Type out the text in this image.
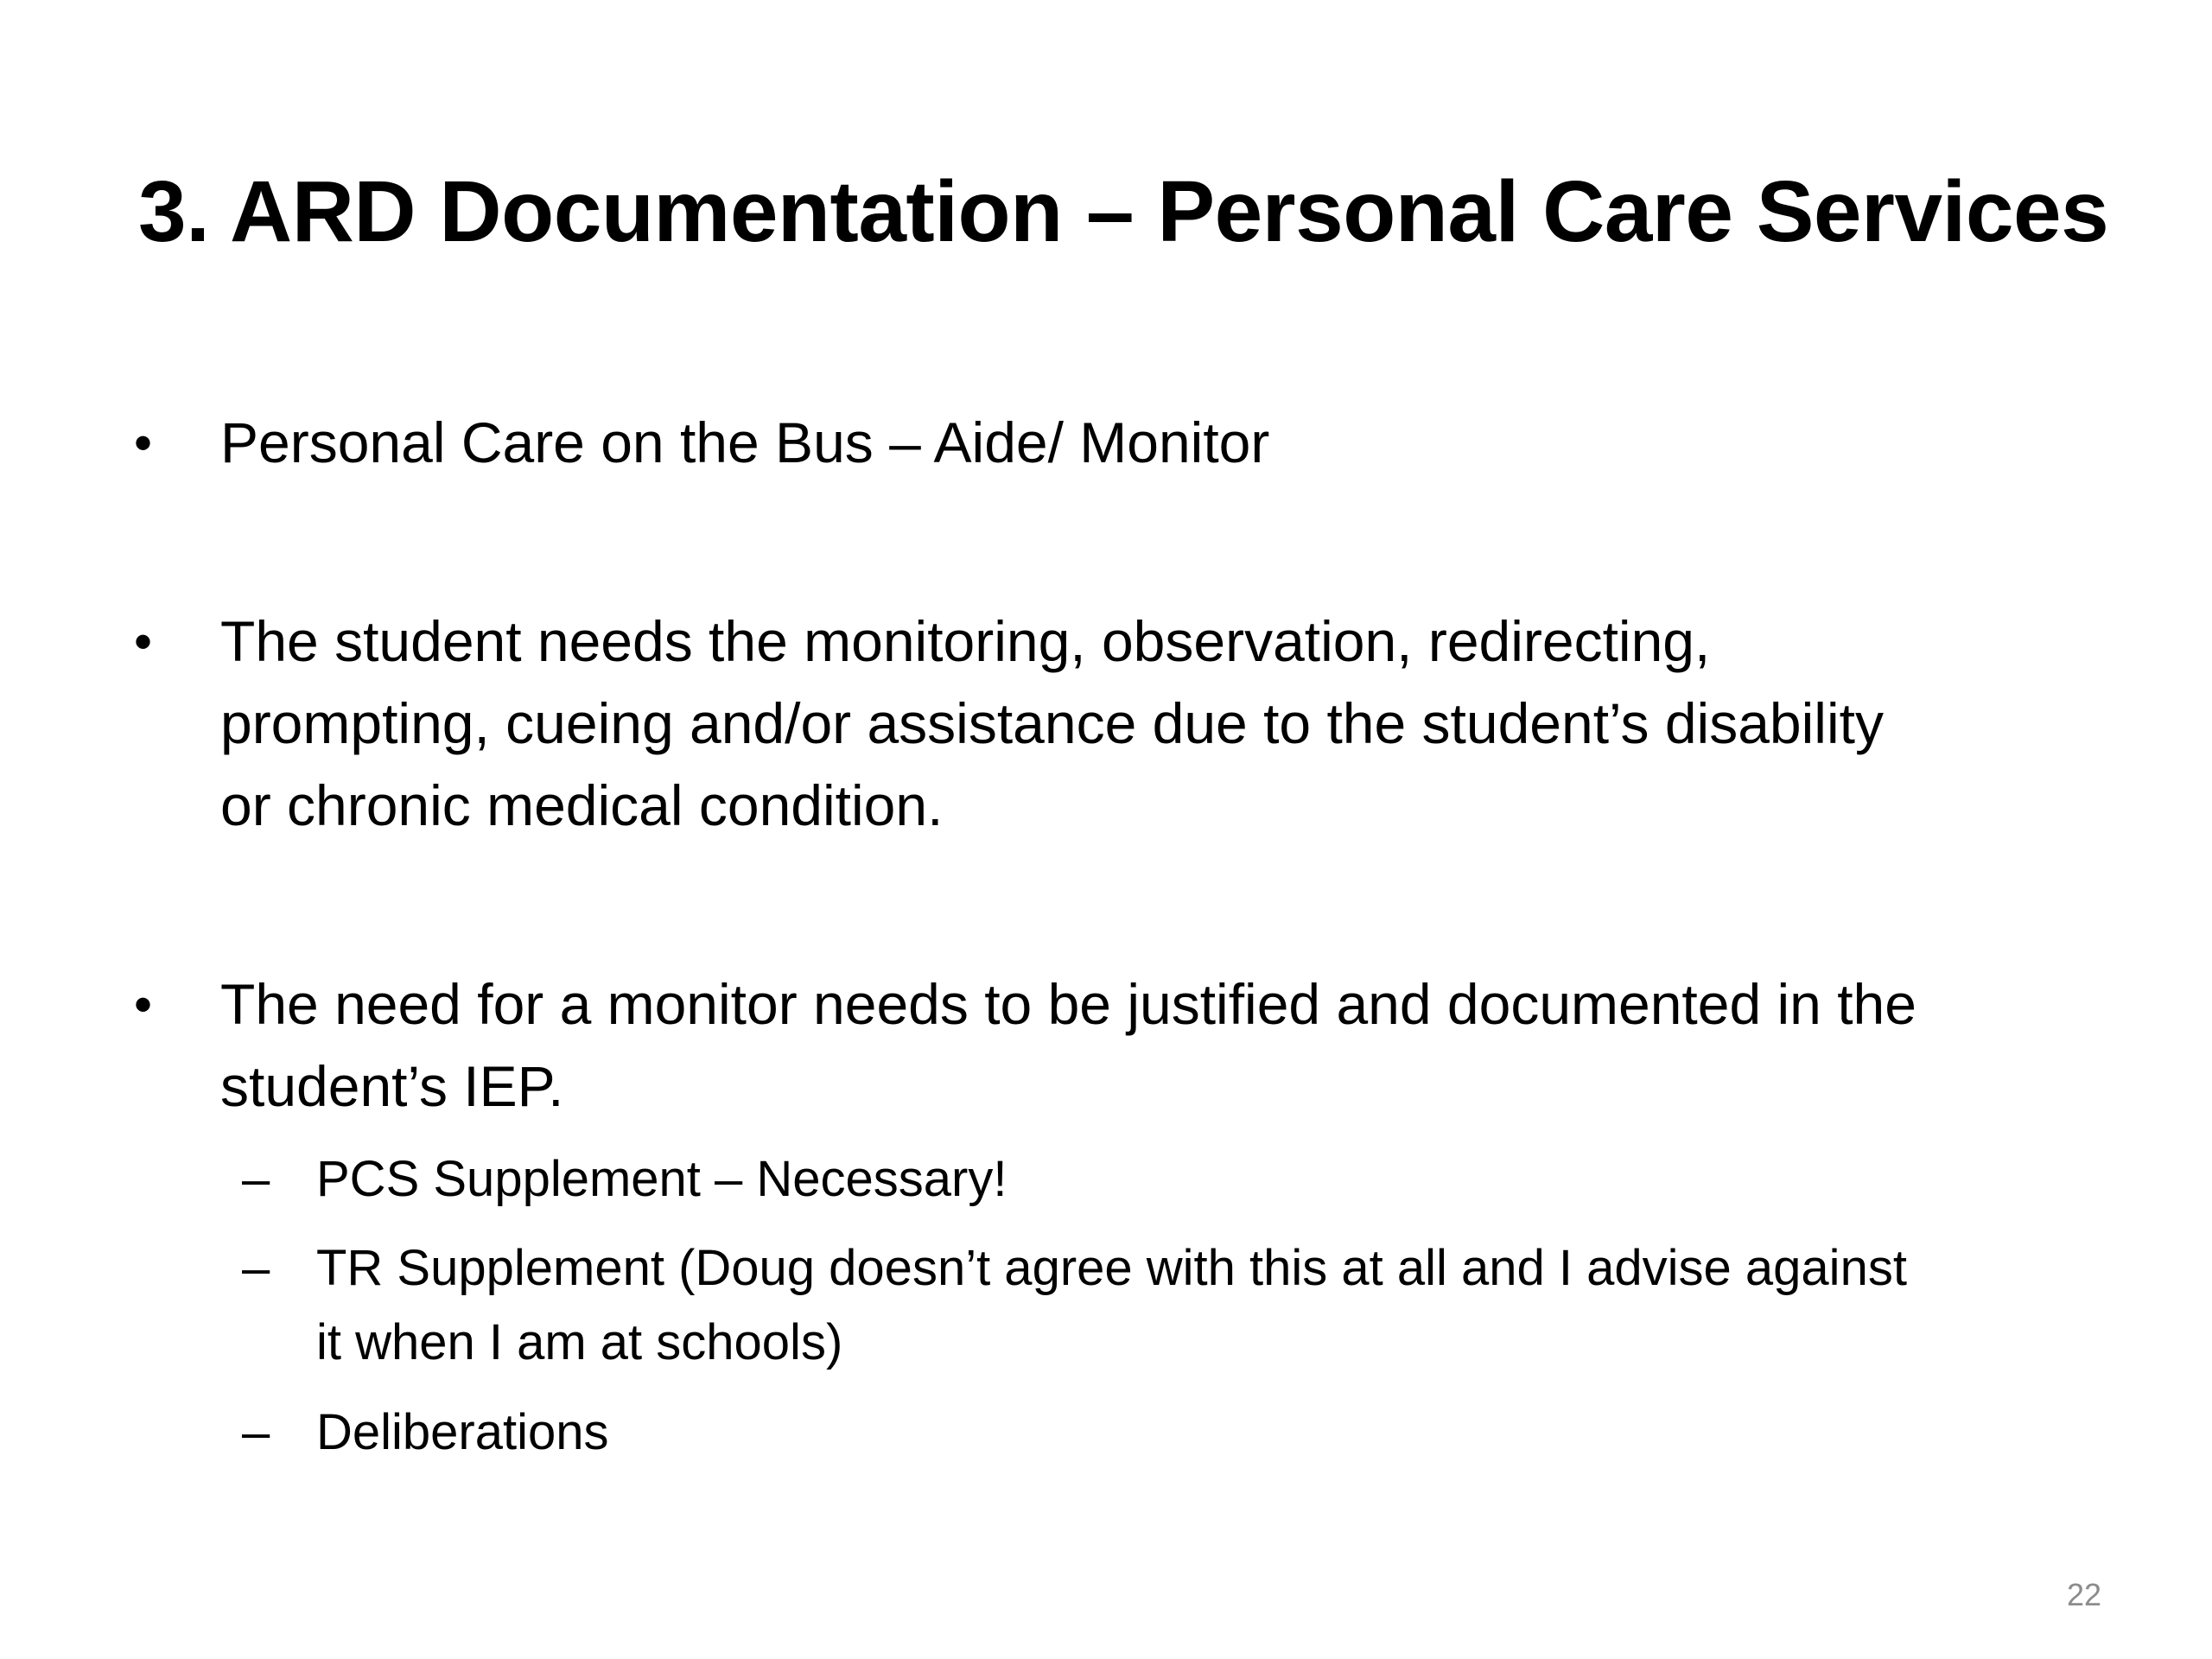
3. ARD Documentation – Personal Care Services
• Personal Care on the Bus – Aide/ Monitor
• The student needs the monitoring, observation, redirecting,
prompting, cueing and/or assistance due to the student’s disability
or chronic medical condition.
• The need for a monitor needs to be justified and documented in the
student’s IEP.
– PCS Supplement – Necessary!
– TR Supplement (Doug doesn’t agree with this at all and I advise against
it when I am at schools)
– Deliberations
22
